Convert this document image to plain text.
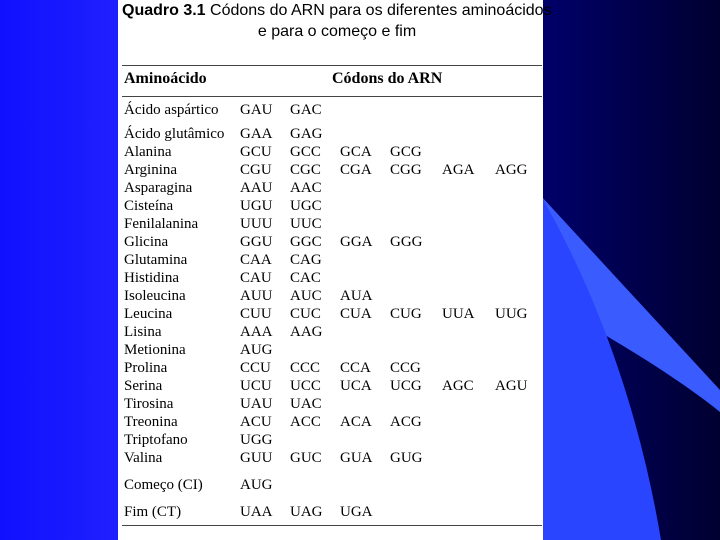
Quadro 3.1 Códons do ARN para os diferentes aminoácidos
e para o começo e fim
Aminoácido	Códons do ARN
Ácido aspártico GAU GAC
Ácido glutâmico GAA GAG
Alanina	GCU GCC GCA GCG
Arginina	CGU CGC CGA CGG AGA AGG
Asparagina	AAU AAC
Cisteína	UGU UGC
Fenilalanina	UUU UUC
Glicina	GGU GGC GGA GGG
Glutamina	CAA CAG
Histidina	CAU CAC
Isoleucina	AUU AUC AUA
Leucina	CUU CUC CUA CUG UUA UUG
Lisina	AAA AAG
Metionina	AUG
Prolina	CCU CCC CCA CCG
Serina	UCU UCC UCA UCG AGC AGU
Tirosina	UAU UAC
Treonina	ACU ACC ACA ACG
Triptofano	UGG
Valina	GUU GUC GUA GUG
Começo (CI) AUG
Fim (CT)	UAA UAG UGA
